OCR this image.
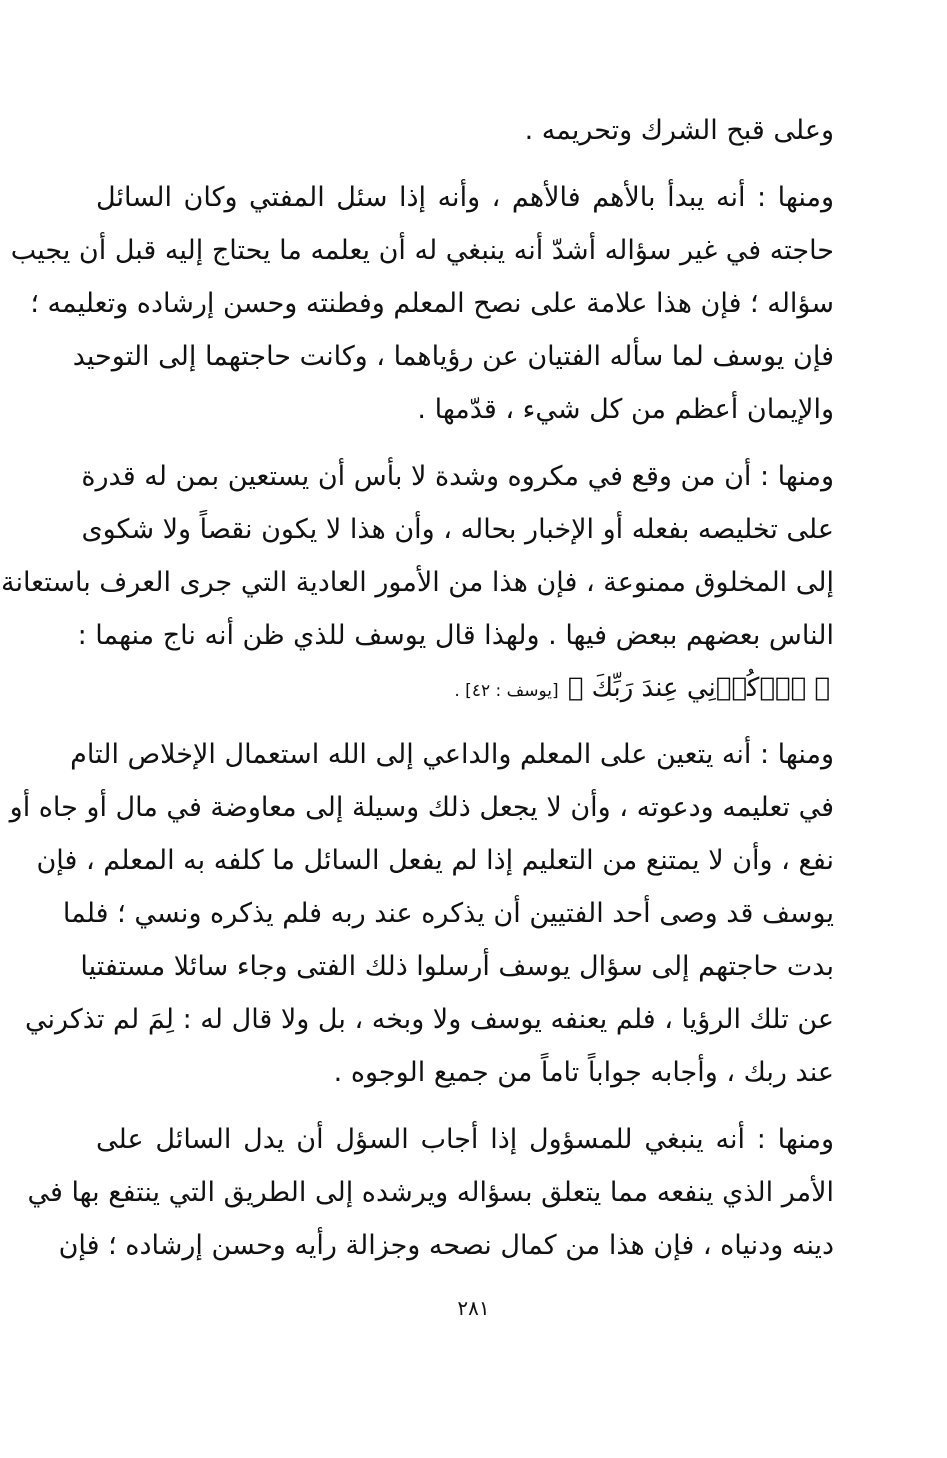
وعلى قبح الشرك وتحريمه .
ومنها : أنه يبدأ بالأهم فالأهم ، وأنه إذا سئل المفتي وكان السائل
حاجته في غير سؤاله أشدّ أنه ينبغي له أن يعلمه ما يحتاج إليه قبل أن يجيب
سؤاله ؛ فإن هذا علامة على نصح المعلم وفطنته وحسن إرشاده وتعليمه ؛
فإن يوسف لما سأله الفتيان عن رؤياهما ، وكانت حاجتهما إلى التوحيد
والإيمان أعظم من كل شيء ، قدّمها .
ومنها : أن من وقع في مكروه وشدة لا بأس أن يستعين بمن له قدرة
على تخليصه بفعله أو الإخبار بحاله ، وأن هذا لا يكون نقصاً ولا شكوى
إلى المخلوق ممنوعة ، فإن هذا من الأمور العادية التي جرى العرف باستعانة
الناس بعضهم ببعض فيها . ولهذا قال يوسف للذي ظن أنه ناج منهما :
﴿ ٱذۡكُرۡنِي عِندَ رَبِّكَ ﴾ [يوسف : ٤٢] .
ومنها : أنه يتعين على المعلم والداعي إلى الله استعمال الإخلاص التام
في تعليمه ودعوته ، وأن لا يجعل ذلك وسيلة إلى معاوضة في مال أو جاه أو
نفع ، وأن لا يمتنع من التعليم إذا لم يفعل السائل ما كلفه به المعلم ، فإن
يوسف قد وصى أحد الفتيين أن يذكره عند ربه فلم يذكره ونسي ؛ فلما
بدت حاجتهم إلى سؤال يوسف أرسلوا ذلك الفتى وجاء سائلا مستفتيا
عن تلك الرؤيا ، فلم يعنفه يوسف ولا وبخه ، بل ولا قال له : لِمَ لم تذكرني
عند ربك ، وأجابه جواباً تاماً من جميع الوجوه .
ومنها : أنه ينبغي للمسؤول إذا أجاب السؤل أن يدل السائل على
الأمر الذي ينفعه مما يتعلق بسؤاله ويرشده إلى الطريق التي ينتفع بها في
دينه ودنياه ، فإن هذا من كمال نصحه وجزالة رأيه وحسن إرشاده ؛ فإن
٢٨١
